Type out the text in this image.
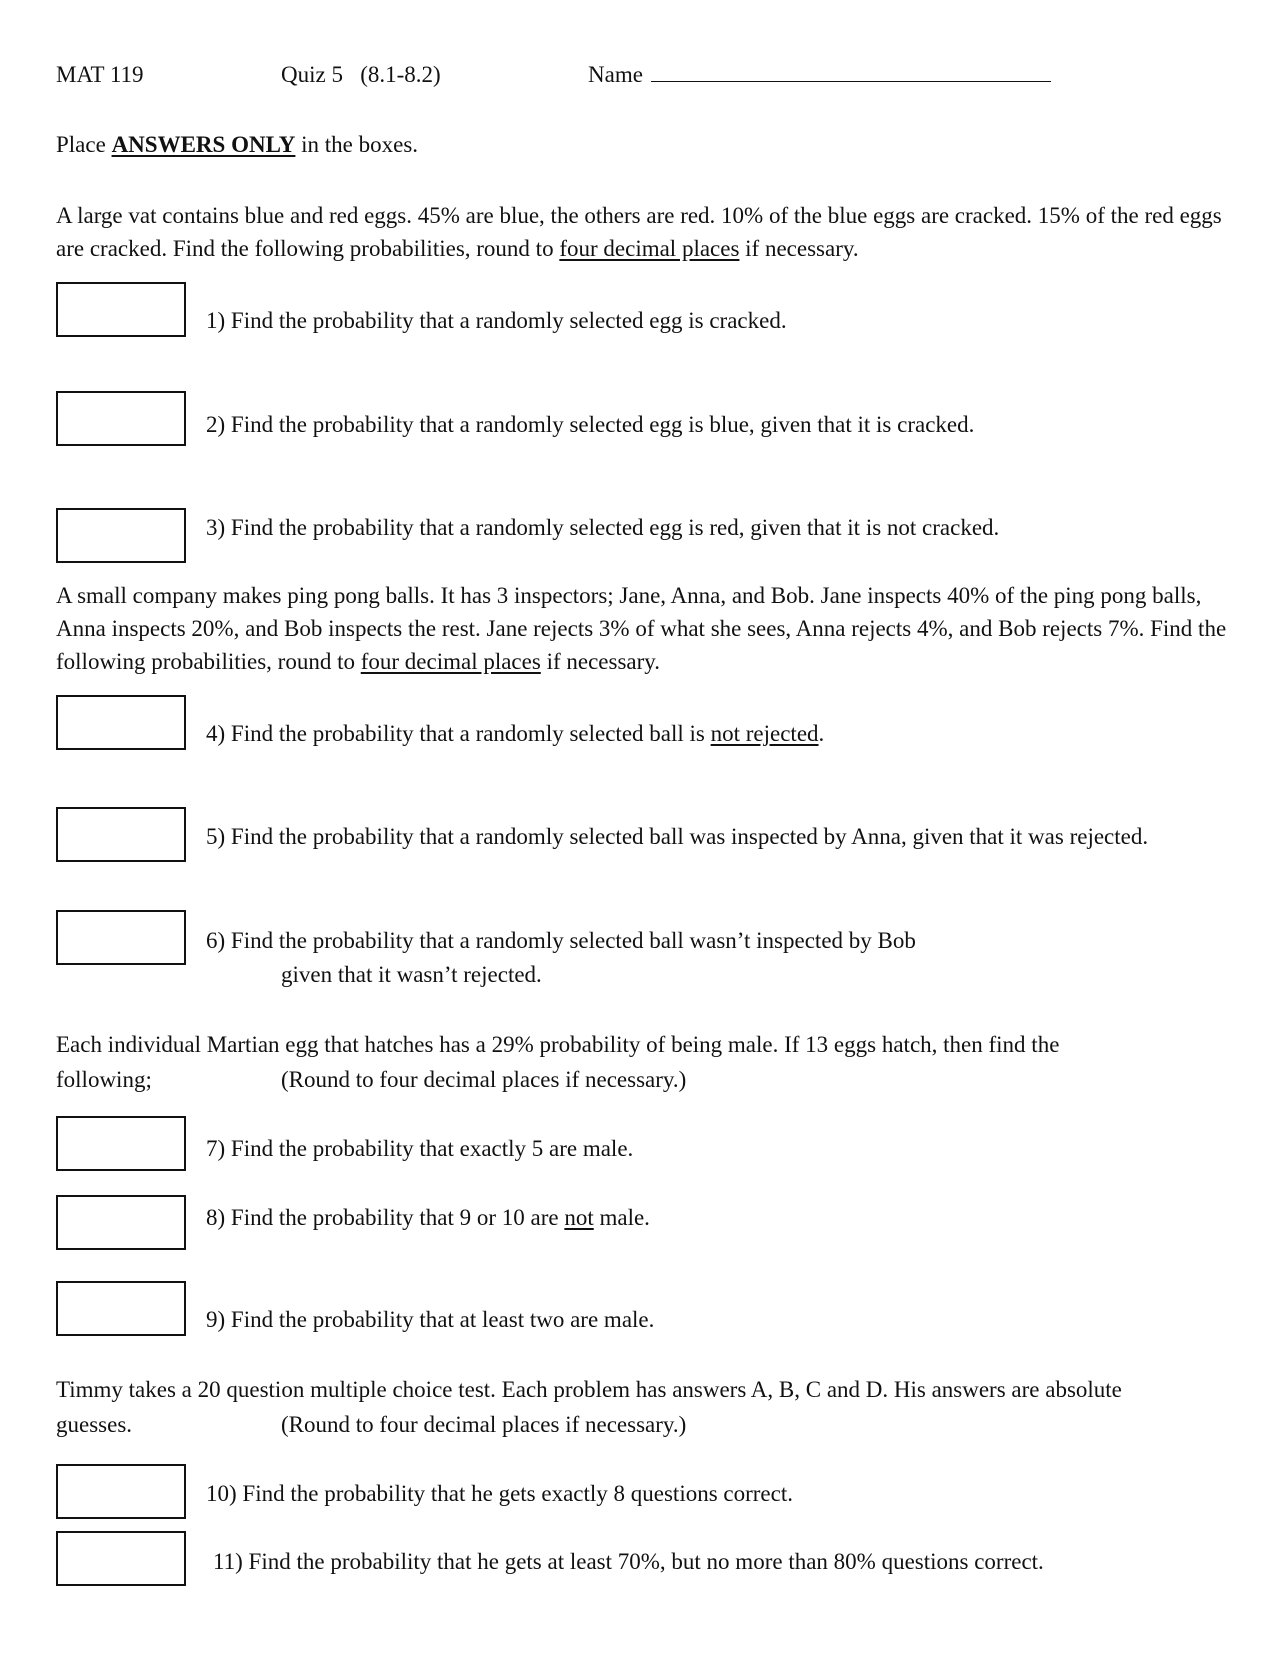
MAT 119	Quiz 5 (8.1-8.2)	Name
Place ANSWERS ONLY in the boxes.
A large vat contains blue and red eggs. 45% are blue, the others are red. 10% of the blue eggs are cracked. 15% of the red eggs are cracked. Find the following probabilities, round to four decimal places if necessary.
1) Find the probability that a randomly selected egg is cracked.
2) Find the probability that a randomly selected egg is blue, given that it is cracked.
3) Find the probability that a randomly selected egg is red, given that it is not cracked.
A small company makes ping pong balls. It has 3 inspectors; Jane, Anna, and Bob. Jane inspects 40% of the ping pong balls, Anna inspects 20%, and Bob inspects the rest. Jane rejects 3% of what she sees, Anna rejects 4%, and Bob rejects 7%. Find the following probabilities, round to four decimal places if necessary.
4) Find the probability that a randomly selected ball is not rejected.
5) Find the probability that a randomly selected ball was inspected by Anna, given that it was rejected.
6) Find the probability that a randomly selected ball wasn’t inspected by Bob
given that it wasn’t rejected.
Each individual Martian egg that hatches has a 29% probability of being male. If 13 eggs hatch, then find the
following;	(Round to four decimal places if necessary.)
7) Find the probability that exactly 5 are male.
8) Find the probability that 9 or 10 are not male.
9) Find the probability that at least two are male.
Timmy takes a 20 question multiple choice test. Each problem has answers A, B, C and D. His answers are absolute
guesses.	(Round to four decimal places if necessary.)
10) Find the probability that he gets exactly 8 questions correct.
11) Find the probability that he gets at least 70%, but no more than 80% questions correct.
